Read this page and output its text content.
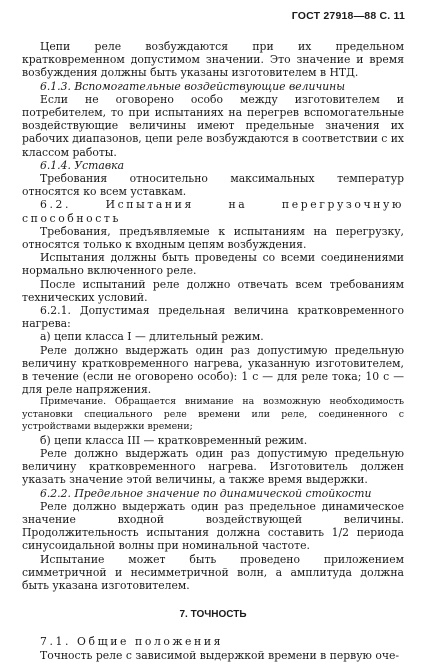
ГОСТ 27918—88 С. 11

Цепи реле возбуждаются при их предельном кратковременном допустимом значении. Это значение и время возбуждения должны быть указаны изготовителем в НТД.

6.1.3. Вспомогательные воздействующие величины

Если не оговорено особо между изготовителем и потребителем, то при испытаниях на перегрев вспомогательные воздействующие величины имеют предельные значения их рабочих диапазонов, цепи реле возбуждаются в соответствии с их классом работы.

6.1.4. Уставка

Требования относительно максимальных температур относятся ко всем уставкам.

6.2. Испытания на перегрузочную способность

Требования, предъявляемые к испытаниям на перегрузку, относятся только к входным цепям возбуждения.

Испытания должны быть проведены со всеми соединениями нормально включенного реле.

После испытаний реле должно отвечать всем требованиям технических условий.

6.2.1. Допустимая предельная величина кратковременного нагрева:

а) цепи класса I — длительный режим.

Реле должно выдержать один раз допустимую предельную величину кратковременного нагрева, указанную изготовителем, в течение (если не оговорено особо): 1 с — для реле тока; 10 с — для реле напряжения.

Примечание. Обращается внимание на возможную необходимость установки специального реле времени или реле, соединенного с устройствами выдержки времени;

б) цепи класса III — кратковременный режим.

Реле должно выдержать один раз допустимую предельную величину кратковременного нагрева. Изготовитель должен указать значение этой величины, а также время выдержки.

6.2.2. Предельное значение по динамической стойкости

Реле должно выдержать один раз предельное динамическое значение входной воздействующей величины. Продолжительность испытания должна составить 1/2 периода синусоидальной волны при номинальной частоте.

Испытание может быть проведено приложением симметричной и несимметричной волн, а амплитуда должна быть указана изготовителем.

7. ТОЧНОСТЬ

7.1. Общие положения

Точность реле с зависимой выдержкой времени в первую оче-
